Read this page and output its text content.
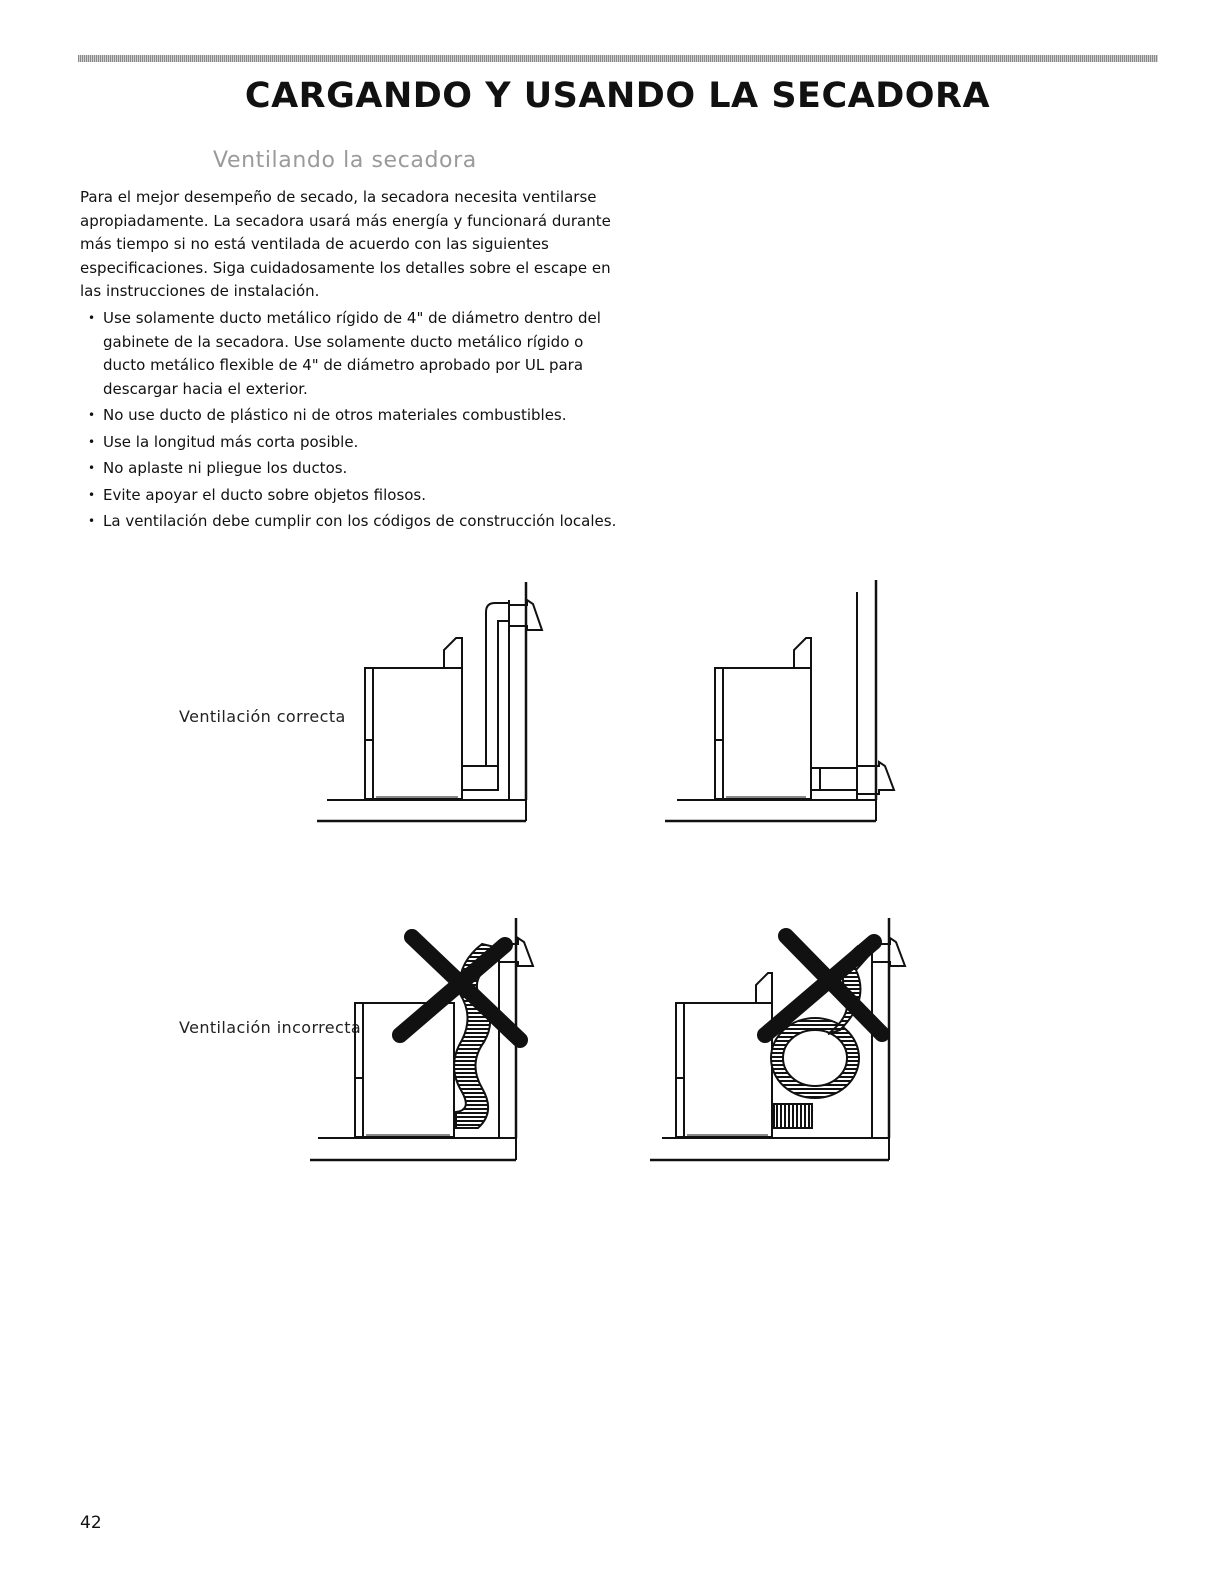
CARGANDO Y USANDO LA SECADORA
Ventilando la secadora

Para el mejor desempeño de secado, la secadora necesita ventilarse apropiadamente. La secadora usará más energía y funcionará durante más tiempo si no está ventilada de acuerdo con las siguientes especificaciones. Siga cuidadosamente los detalles sobre el escape en las instrucciones de instalación.

• Use solamente ducto metálico rígido de 4" de diámetro dentro del gabinete de la secadora. Use solamente ducto metálico rígido o ducto metálico flexible de 4" de diámetro aprobado por UL para descargar hacia el exterior.
• No use ducto de plástico ni de otros materiales combustibles.
• Use la longitud más corta posible.
• No aplaste ni pliegue los ductos.
• Evite apoyar el ducto sobre objetos filosos.
• La ventilación debe cumplir con los códigos de construcción locales.
Ventilación correcta
Ventilación incorrecta
42
